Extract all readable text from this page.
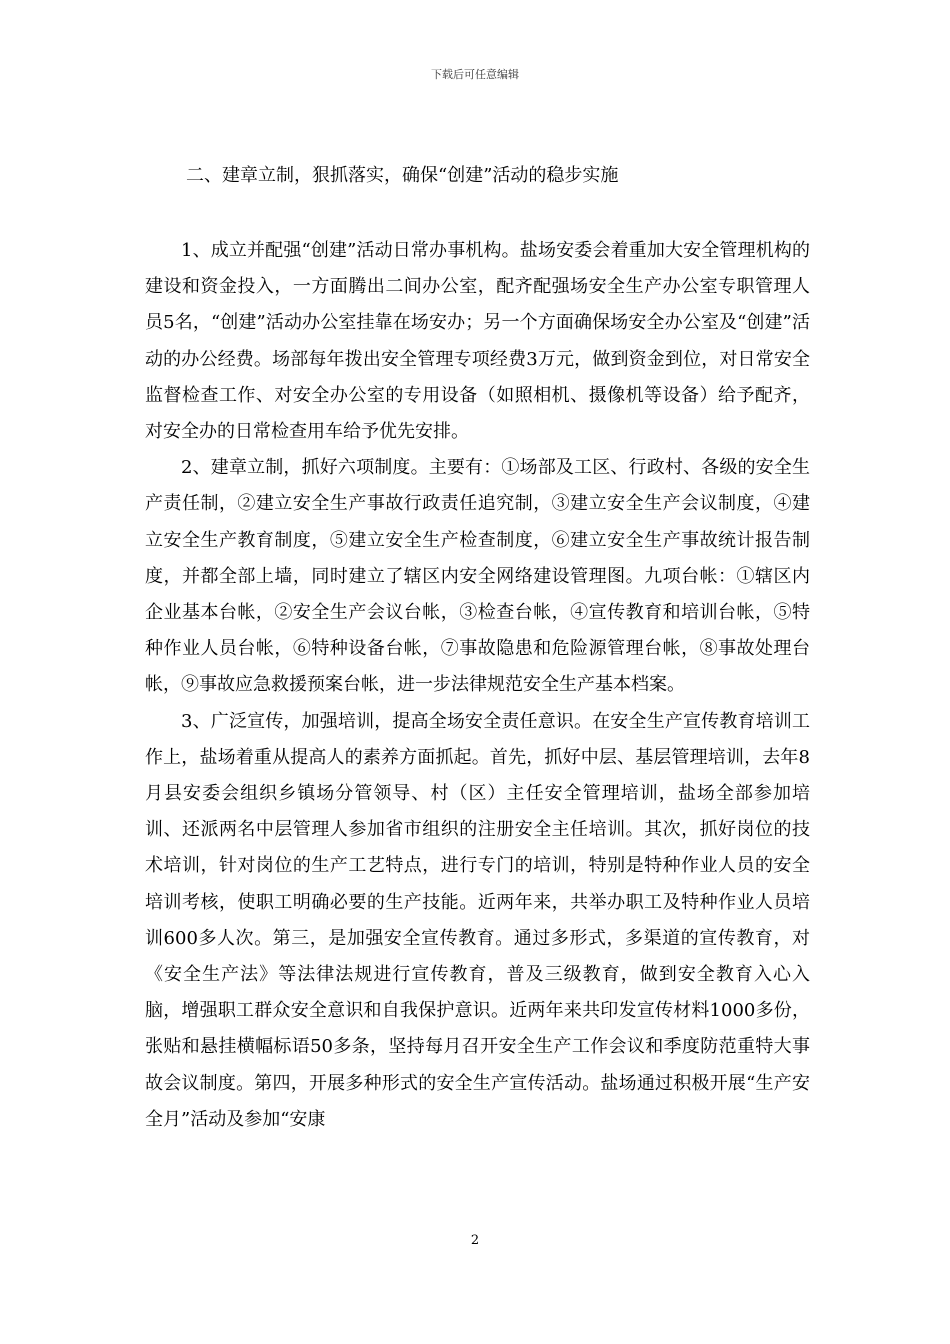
下载后可任意编辑
二、建章立制，狠抓落实，确保“创建”活动的稳步实施

1、成立并配强“创建”活动日常办事机构。盐场安委会着重加大安全管理机构的建设和资金投入，一方面腾出二间办公室，配齐配强场安全生产办公室专职管理人员5名，“创建”活动办公室挂靠在场安办；另一个方面确保场安全办公室及“创建”活动的办公经费。场部每年拨出安全管理专项经费3万元，做到资金到位，对日常安全监督检查工作、对安全办公室的专用设备（如照相机、摄像机等设备）给予配齐，对安全办的日常检查用车给予优先安排。

2、建章立制，抓好六项制度。主要有：①场部及工区、行政村、各级的安全生产责任制，②建立安全生产事故行政责任追究制，③建立安全生产会议制度，④建立安全生产教育制度，⑤建立安全生产检查制度，⑥建立安全生产事故统计报告制度，并都全部上墙，同时建立了辖区内安全网络建设管理图。九项台帐：①辖区内企业基本台帐，②安全生产会议台帐，③检查台帐，④宣传教育和培训台帐，⑤特种作业人员台帐，⑥特种设备台帐，⑦事故隐患和危险源管理台帐，⑧事故处理台帐，⑨事故应急救援预案台帐，进一步法律规范安全生产基本档案。

3、广泛宣传，加强培训，提高全场安全责任意识。在安全生产宣传教育培训工作上，盐场着重从提高人的素养方面抓起。首先，抓好中层、基层管理培训，去年8月县安委会组织乡镇场分管领导、村（区）主任安全管理培训，盐场全部参加培训、还派两名中层管理人参加省市组织的注册安全主任培训。其次，抓好岗位的技术培训，针对岗位的生产工艺特点，进行专门的培训，特别是特种作业人员的安全培训考核，使职工明确必要的生产技能。近两年来，共举办职工及特种作业人员培训600多人次。第三，是加强安全宣传教育。通过多形式，多渠道的宣传教育，对《安全生产法》等法律法规进行宣传教育，普及三级教育，做到安全教育入心入脑，增强职工群众安全意识和自我保护意识。近两年来共印发宣传材料1000多份，张贴和悬挂横幅标语50多条，坚持每月召开安全生产工作会议和季度防范重特大事故会议制度。第四，开展多种形式的安全生产宣传活动。盐场通过积极开展“生产安全月”活动及参加“安康

2
